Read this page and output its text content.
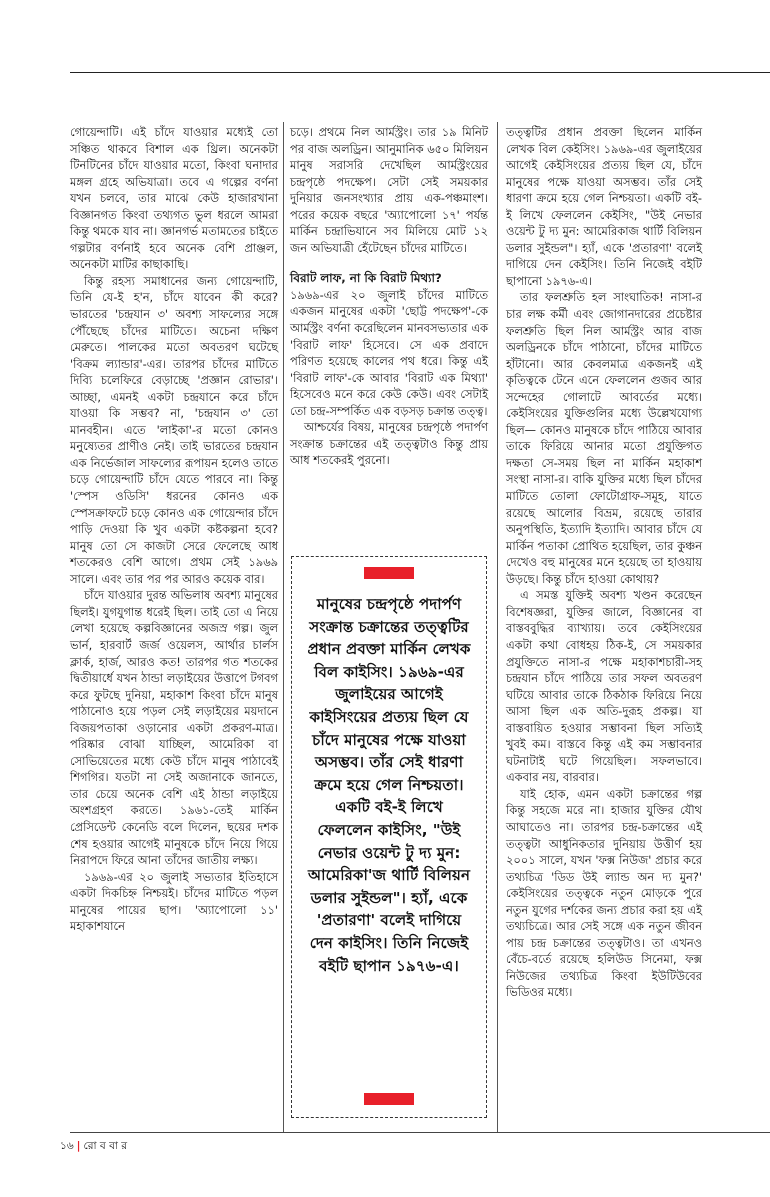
গোয়েন্দাটি। এই চাঁদে যাওয়ার মধ্যেই তো সঞ্চিত থাকবে বিশাল এক থ্রিল। অনেকটা টিনটিনের চাঁদে যাওয়ার মতো, কিংবা ঘনাদার মঙ্গল গ্রহে অভিযাত্রা। তবে এ গল্পের বর্ণনা যখন চলবে, তার মাঝে কেউ হাজারখানা বিজ্ঞানগত কিংবা তথ্যগত ভুল ধরলে আমরা কিন্তু থমকে যাব না। জ্ঞানগর্ভ মতামতের চাইতে গল্পটার বর্ণনাই হবে অনেক বেশি প্রাঞ্জল, অনেকটা মাটির কাছাকাছি।

কিন্তু রহস্য সমাধানের জন্য গোয়েন্দাটি, তিনি যে-ই হ'ন, চাঁদে যাবেন কী করে? ভারতের 'চন্দ্রযান ৩' অবশ্য সাফল্যের সঙ্গে পৌঁছেছে চাঁদের মাটিতে। অচেনা দক্ষিণ মেরুতে। পালকের মতো অবতরণ ঘটেছে 'বিক্রম ল্যান্ডার'-এর। তারপর চাঁদের মাটিতে দিব্যি চলেফিরে বেড়াচ্ছে 'প্রজ্ঞান রোভার'। আচ্ছা, এমনই একটা চন্দ্রযানে করে চাঁদে যাওয়া কি সম্ভব? না, 'চন্দ্রযান ৩' তো মানবহীন। এতে 'লাইকা'-র মতো কোনও মনুষ্যেতর প্রাণীও নেই। তাই ভারতের চন্দ্রযান এক নির্ভেজাল সাফল্যের রূপায়ন হলেও তাতে চড়ে গোয়েন্দাটি চাঁদে যেতে পারবে না। কিন্তু 'স্পেস ওডিসি' ধরনের কোনও এক স্পেসক্রাফটে চড়ে কোনও এক গোয়েন্দার চাঁদে পাড়ি দেওয়া কি খুব একটা কষ্টকল্পনা হবে? মানুষ তো সে কাজটা সেরে ফেলেছে আধ শতকেরও বেশি আগে। প্রথম সেই ১৯৬৯ সালে। এবং তার পর পর আরও কয়েক বার।

চাঁদে যাওয়ার দুরন্ত অভিলাষ অবশ্য মানুষের ছিলই। যুগযুগান্ত ধরেই ছিল। তাই তো এ নিয়ে লেখা হয়েছে কল্পবিজ্ঞানের অজস্র গল্প। জুল ভার্ন, হারবার্ট জর্জ ওয়েলস, আর্থার চার্লস ক্লার্ক, হার্জ, আরও কত! তারপর গত শতকের দ্বিতীয়ার্ধে যখন ঠান্ডা লড়াইয়ের উত্তাপে টগবগ করে ফুটছে দুনিয়া, মহাকাশ কিংবা চাঁদে মানুষ পাঠানোও হয়ে পড়ল সেই লড়াইয়ের ময়দানে বিজয়পতাকা ওড়ানোর একটা প্রকরণ-মাত্র। পরিষ্কার বোঝা যাচ্ছিল, আমেরিকা বা সোভিয়েতের মধ্যে কেউ চাঁদে মানুষ পাঠাবেই শিগগির। যতটা না সেই অজানাকে জানতে, তার চেয়ে অনেক বেশি এই ঠান্ডা লড়াইয়ে অংশগ্রহণ করতে। ১৯৬১-তেই মার্কিন প্রেসিডেন্ট কেনেডি বলে দিলেন, ছয়ের দশক শেষ হওয়ার আগেই মানুষকে চাঁদে নিয়ে গিয়ে নিরাপদে ফিরে আনা তাঁদের জাতীয় লক্ষ্য।

১৯৬৯-এর ২০ জুলাই সভ্যতার ইতিহাসে একটা দিকচিহ্ন নিশ্চয়ই। চাঁদের মাটিতে পড়ল মানুষের পায়ের ছাপ। 'অ্যাপোলো ১১' মহাকাশযানে

চড়ে। প্রথমে নিল আর্মস্ট্রং। তার ১৯ মিনিট পর বাজ অলড্রিন। আনুমানিক ৬৫০ মিলিয়ন মানুষ সরাসরি দেখেছিল আর্মস্ট্রংয়ের চন্দ্রপৃষ্ঠে পদক্ষেপ। সেটা সেই সময়কার দুনিয়ার জনসংখ্যার প্রায় এক-পঞ্চমাংশ। পরের কয়েক বছরে 'অ্যাপোলো ১৭' পর্যন্ত মার্কিন চন্দ্রাভিযানে সব মিলিয়ে মোট ১২ জন অভিযাত্রী হেঁটেছেন চাঁদের মাটিতে।

বিরাট লাফ, না কি বিরাট মিথ্যা?

১৯৬৯-এর ২০ জুলাই চাঁদের মাটিতে একজন মানুষের একটা 'ছোট্ট পদক্ষেপ'-কে আর্মস্ট্রং বর্ণনা করেছিলেন মানবসভ্যতার এক 'বিরাট লাফ' হিসেবে। সে এক প্রবাদে পরিণত হয়েছে কালের পথ ধরে। কিন্তু এই 'বিরাট লাফ'-কে আবার 'বিরাট এক মিথ্যা' হিসেবেও মনে করে কেউ কেউ। এবং সেটাই তো চন্দ্র-সম্পর্কিত এক বড়সড় চক্রান্ত তত্ত্ব।

আশ্চর্যের বিষয়, মানুষের চন্দ্রপৃষ্ঠে পদার্পণ সংক্রান্ত চক্রান্তের এই তত্ত্বটাও কিন্তু প্রায় আধ শতকেরই পুরনো।

মানুষের চন্দ্রপৃষ্ঠে পদার্পণ সংক্রান্ত চক্রান্তের তত্ত্বটির প্রধান প্রবক্তা মার্কিন লেখক বিল কাইসিং। ১৯৬৯-এর জুলাইয়ের আগেই কাইসিংয়ের প্রত্যয় ছিল যে চাঁদে মানুষের পক্ষে যাওয়া অসম্ভব। তাঁর সেই ধারণা ক্রমে হয়ে গেল নিশ্চয়তা। একটি বই-ই লিখে ফেললেন কাইসিং, "উই নেভার ওয়েন্ট টু দ্য মুন: আমেরিকা'জ থার্টি বিলিয়ন ডলার সুইন্ডল"। হ্যাঁ, একে 'প্রতারণা' বলেই দাগিয়ে দেন কাইসিং। তিনি নিজেই বইটি ছাপান ১৯৭৬-এ।

তত্ত্বটির প্রধান প্রবক্তা ছিলেন মার্কিন লেখক বিল কেইসিং। ১৯৬৯-এর জুলাইয়ের আগেই কেইসিংয়ের প্রত্যয় ছিল যে, চাঁদে মানুষের পক্ষে যাওয়া অসম্ভব। তাঁর সেই ধারণা ক্রমে হয়ে গেল নিশ্চয়তা। একটি বই-ই লিখে ফেললেন কেইসিং, "উই নেভার ওয়েন্ট টু দ্য মুন: আমেরিকাজ থার্টি বিলিয়ন ডলার সুইন্ডল"। হ্যাঁ, একে 'প্রতারণা' বলেই দাগিয়ে দেন কেইসিং। তিনি নিজেই বইটি ছাপানো ১৯৭৬-এ।

তার ফলশ্রুতি হল সাংঘাতিক! নাসা-র চার লক্ষ কর্মী এবং জোগানদারের প্রচেষ্টার ফলশ্রুতি ছিল নিল আর্মস্ট্রং আর বাজ অলড্রিনকে চাঁদে পাঠানো, চাঁদের মাটিতে হাঁটানো। আর কেবলমাত্র একজনই এই কৃতিত্বকে টেনে এনে ফেললেন গুজব আর সন্দেহের গোলাটে আবর্তের মধ্যে। কেইসিংয়ের যুক্তিগুলির মধ্যে উল্লেখযোগ্য ছিল— কোনও মানুষকে চাঁদে পাঠিয়ে আবার তাকে ফিরিয়ে আনার মতো প্রযুক্তিগত দক্ষতা সে-সময় ছিল না মার্কিন মহাকাশ সংস্থা নাসা-র। বাকি যুক্তির মধ্যে ছিল চাঁদের মাটিতে তোলা ফোটোগ্রাফ-সমূহ, যাতে রয়েছে আলোর বিভ্রম, রয়েছে তারার অনুপস্থিতি, ইত্যাদি ইত্যাদি। আবার চাঁদে যে মার্কিন পতাকা প্রোথিত হয়েছিল, তার কুঞ্চন দেখেও বহু মানুষের মনে হয়েছে তা হাওয়ায় উড়ছে। কিন্তু চাঁদে হাওয়া কোথায়?

এ সমস্ত যুক্তিই অবশ্য খণ্ডন করেছেন বিশেষজ্ঞরা, যুক্তির জালে, বিজ্ঞানের বা বাস্তববুদ্ধির ব্যাখ্যায়। তবে কেইসিংয়ের একটা কথা বোধহয় ঠিক-ই, সে সময়কার প্রযুক্তিতে নাসা-র পক্ষে মহাকাশচারী-সহ চন্দ্রযান চাঁদে পাঠিয়ে তার সফল অবতরণ ঘটিয়ে আবার তাকে ঠিকঠাক ফিরিয়ে নিয়ে আসা ছিল এক অতি-দুরূহ প্রকল্প। যা বাস্তবায়িত হওয়ার সম্ভাবনা ছিল সত্যিই খুবই কম। বাস্তবে কিন্তু এই কম সম্ভাবনার ঘটনাটাই ঘটে গিয়েছিল। সফলভাবে। একবার নয়, বারবার।

যাই হোক, এমন একটা চক্রান্তের গল্প কিন্তু সহজে মরে না। হাজার যুক্তির যৌথ আঘাতেও না। তারপর চন্দ্র-চক্রান্তের এই তত্ত্বটা আধুনিকতার দুনিয়ায় উত্তীর্ণ হয় ২০০১ সালে, যখন 'ফক্স নিউজ' প্রচার করে তথ্যচিত্র 'ডিড উই ল্যান্ড অন দ্য মুন?' কেইসিংয়ের তত্ত্বকে নতুন মোড়কে পুরে নতুন যুগের দর্শকের জন্য প্রচার করা হয় এই তথ্যচিত্রে। আর সেই সঙ্গে এক নতুন জীবন পায় চন্দ্র চক্রান্তের তত্ত্বটাও। তা এখনও বেঁচে-বর্তে রয়েছে হলিউড সিনেমা, ফক্স নিউজের তথ্যচিত্র কিংবা ইউটিউবের ভিডিওর মধ্যে।

১৬ | রো ব বা র
